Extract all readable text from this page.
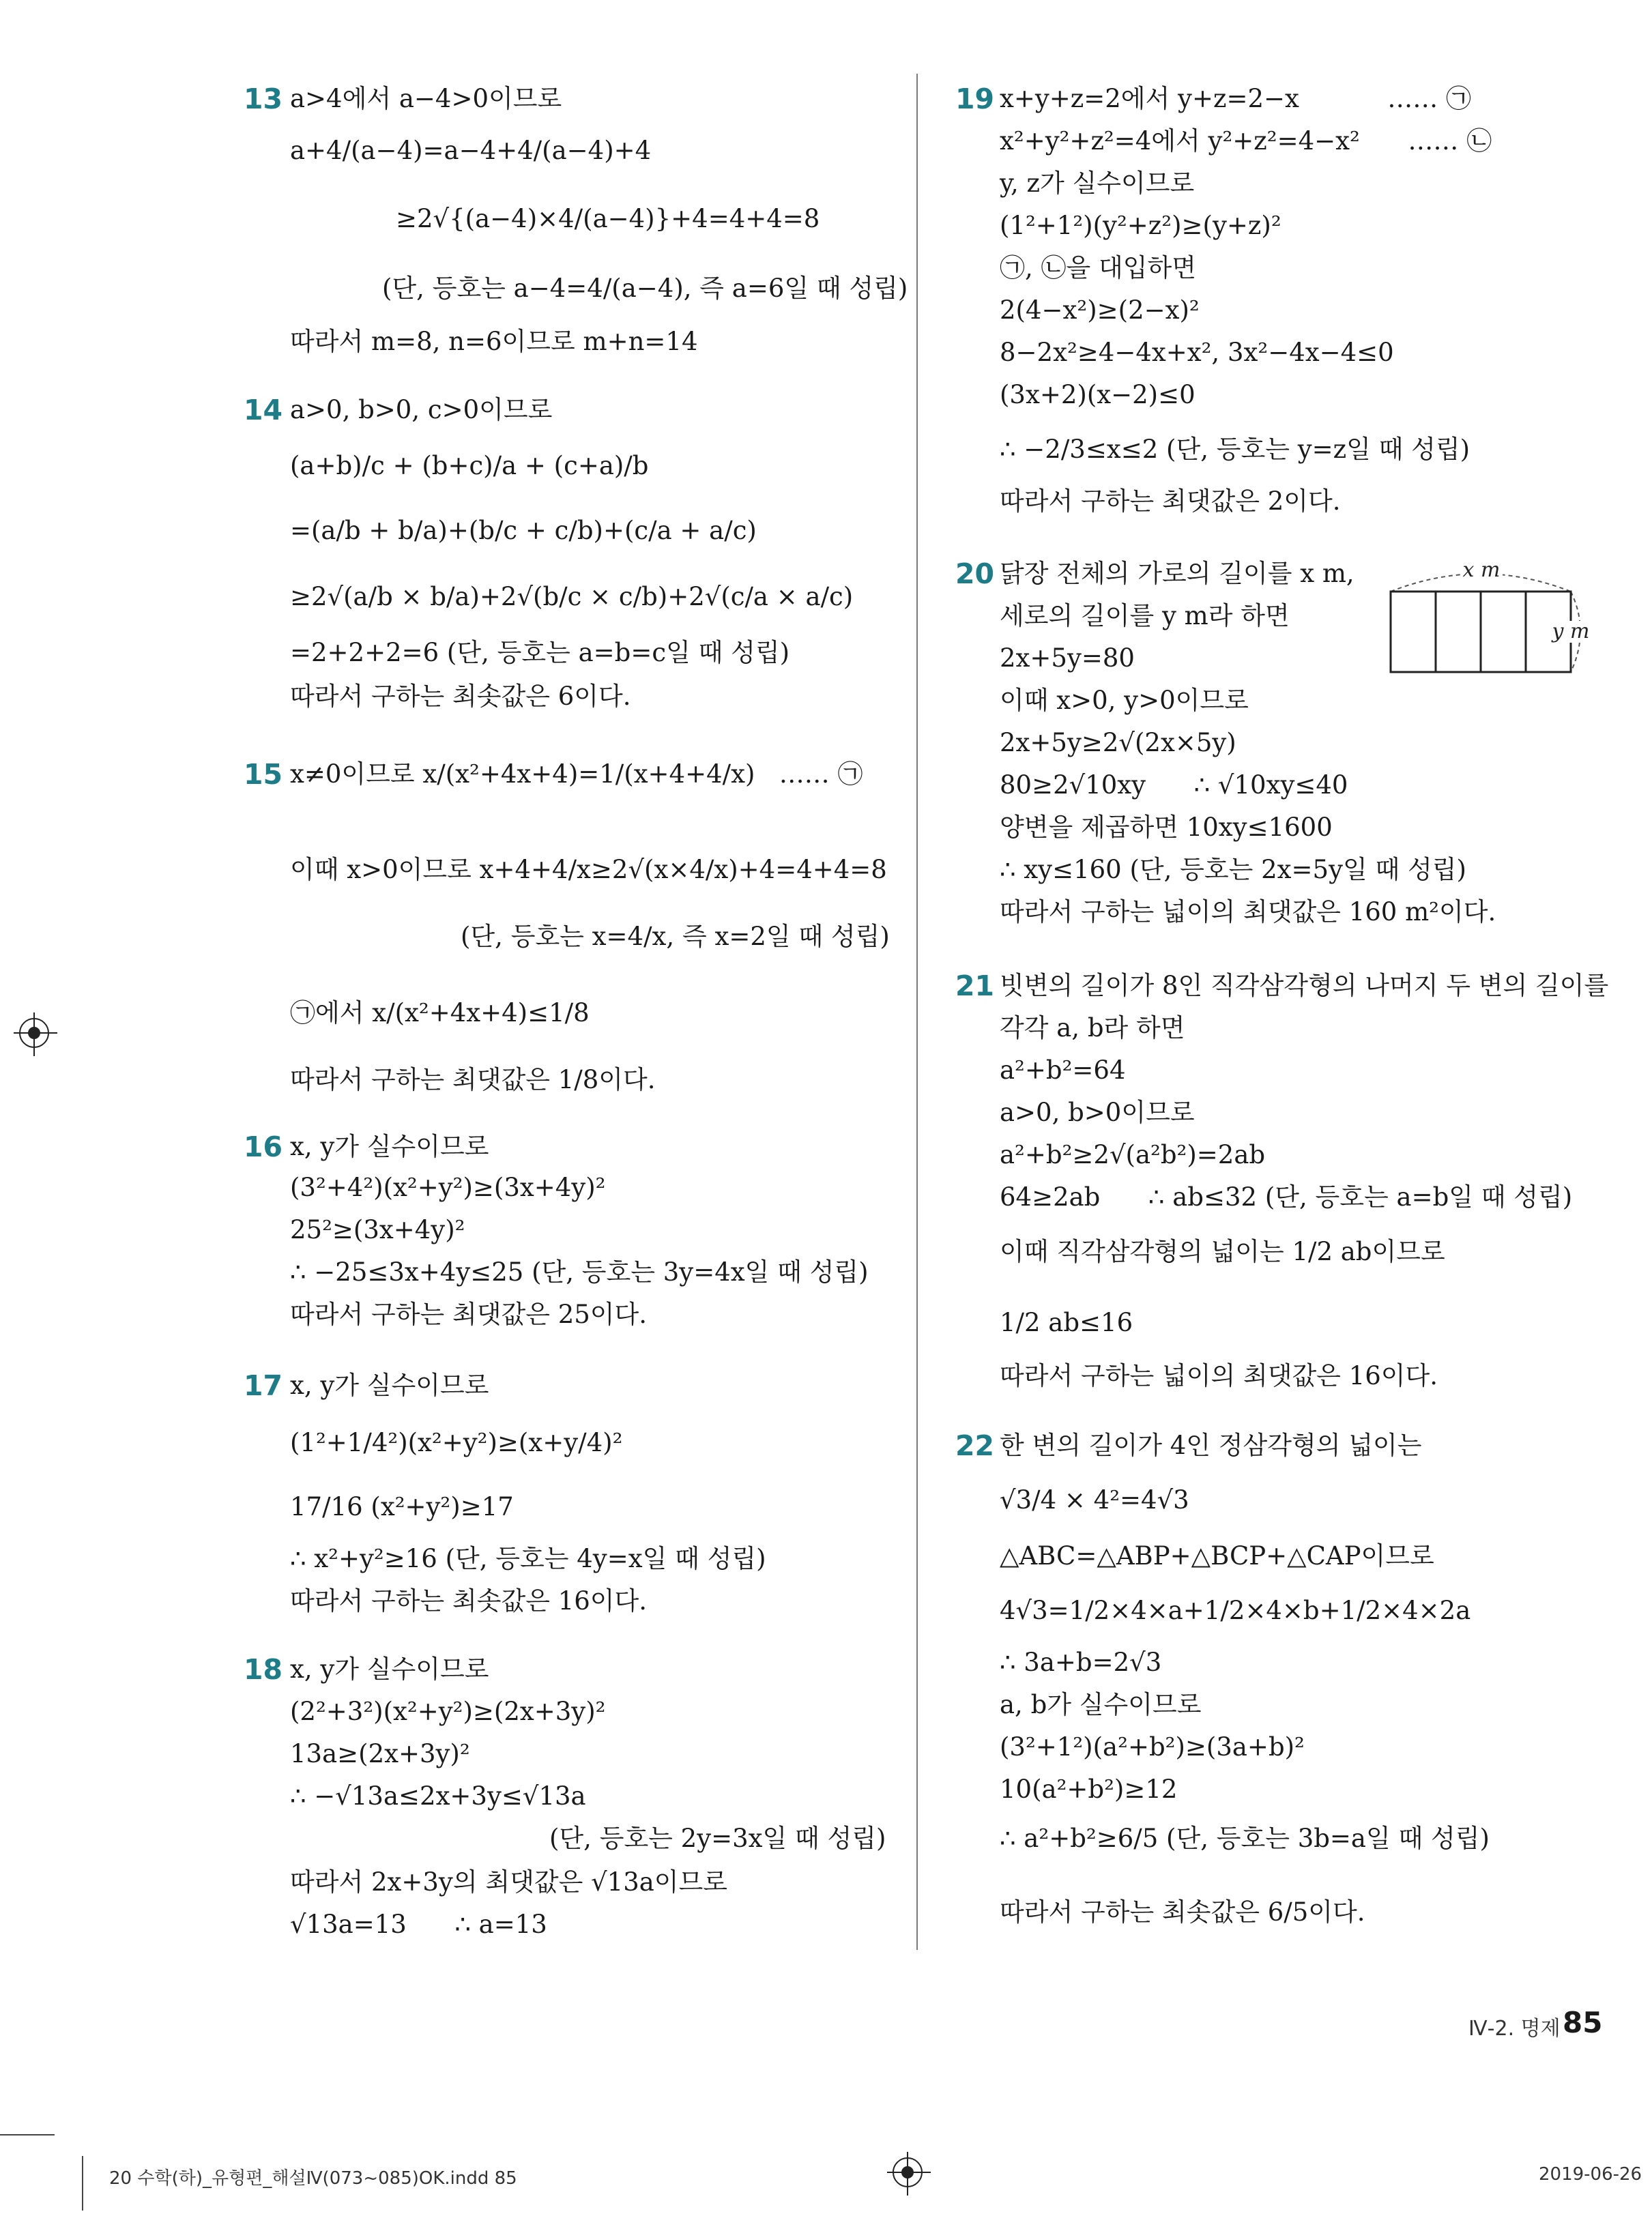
13 a>4에서 a−4>0이므로
a+4/(a−4)=a−4+4/(a−4)+4
≥2√{(a−4)×4/(a−4)}+4=4+4=8
(단, 등호는 a−4=4/(a−4), 즉 a=6일 때 성립)
따라서 m=8, n=6이므로 m+n=14
14 a>0, b>0, c>0이므로
(a+b)/c + (b+c)/a + (c+a)/b
=(a/b + b/a)+(b/c + c/b)+(c/a + a/c)
≥2√(a/b × b/a)+2√(b/c × c/b)+2√(c/a × a/c)
=2+2+2=6 (단, 등호는 a=b=c일 때 성립)
따라서 구하는 최솟값은 6이다.
15 x≠0이므로 x/(x²+4x+4)=1/(x+4+4/x)   …… ㉠
이때 x>0이므로 x+4+4/x≥2√(x×4/x)+4=4+4=8
(단, 등호는 x=4/x, 즉 x=2일 때 성립)
㉠에서 x/(x²+4x+4)≤1/8
따라서 구하는 최댓값은 1/8이다.
16 x, y가 실수이므로
(3²+4²)(x²+y²)≥(3x+4y)²
25²≥(3x+4y)²
∴ −25≤3x+4y≤25 (단, 등호는 3y=4x일 때 성립)
따라서 구하는 최댓값은 25이다.
17 x, y가 실수이므로
(1²+1/4²)(x²+y²)≥(x+y/4)²
17/16 (x²+y²)≥17
∴ x²+y²≥16 (단, 등호는 4y=x일 때 성립)
따라서 구하는 최솟값은 16이다.
18 x, y가 실수이므로
(2²+3²)(x²+y²)≥(2x+3y)²
13a≥(2x+3y)²
∴ −√13a≤2x+3y≤√13a
(단, 등호는 2y=3x일 때 성립)
따라서 2x+3y의 최댓값은 √13a이므로
√13a=13      ∴ a=13
19 x+y+z=2에서 y+z=2−x           …… ㉠
x²+y²+z²=4에서 y²+z²=4−x²      …… ㉡
y, z가 실수이므로
(1²+1²)(y²+z²)≥(y+z)²
㉠, ㉡을 대입하면
2(4−x²)≥(2−x)²
8−2x²≥4−4x+x², 3x²−4x−4≤0
(3x+2)(x−2)≤0
∴ −2/3≤x≤2 (단, 등호는 y=z일 때 성립)
따라서 구하는 최댓값은 2이다.
20 닭장 전체의 가로의 길이를 x m,
세로의 길이를 y m라 하면
2x+5y=80
이때 x>0, y>0이므로
2x+5y≥2√(2x×5y)
80≥2√10xy      ∴ √10xy≤40
양변을 제곱하면 10xy≤1600
∴ xy≤160 (단, 등호는 2x=5y일 때 성립)
따라서 구하는 넓이의 최댓값은 160 m²이다.
21 빗변의 길이가 8인 직각삼각형의 나머지 두 변의 길이를
각각 a, b라 하면
a²+b²=64
a>0, b>0이므로
a²+b²≥2√(a²b²)=2ab
64≥2ab      ∴ ab≤32 (단, 등호는 a=b일 때 성립)
이때 직각삼각형의 넓이는 1/2 ab이므로
1/2 ab≤16
따라서 구하는 넓이의 최댓값은 16이다.
22 한 변의 길이가 4인 정삼각형의 넓이는
√3/4 × 4²=4√3
△ABC=△ABP+△BCP+△CAP이므로
4√3=1/2×4×a+1/2×4×b+1/2×4×2a
∴ 3a+b=2√3
a, b가 실수이므로
(3²+1²)(a²+b²)≥(3a+b)²
10(a²+b²)≥12
∴ a²+b²≥6/5 (단, 등호는 3b=a일 때 성립)
따라서 구하는 최솟값은 6/5이다.
x m
y m
Ⅳ-2. 명제 85
20 수학(하)_유형편_해설Ⅳ(073~085)OK.indd 85	2019-06-26
